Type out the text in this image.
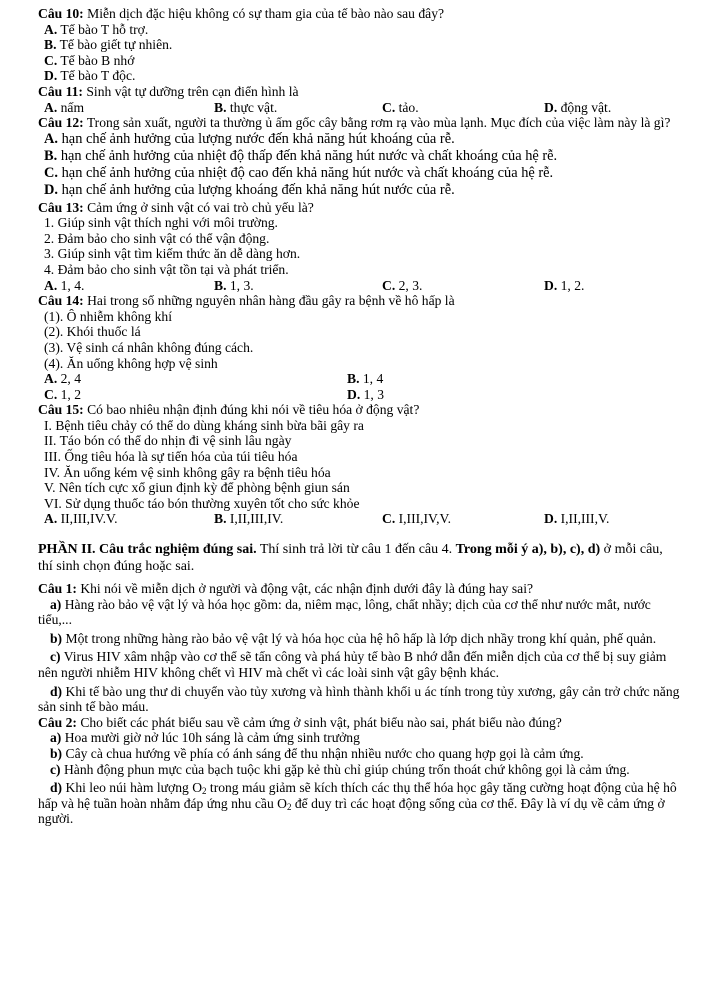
Câu 10: Miễn dịch đặc hiệu không có sự tham gia của tế bào nào sau đây?
A. Tế bào T hỗ trợ.
B. Tế bào giết tự nhiên.
C. Tế bào B nhớ
D. Tế bào T độc.
Câu 11: Sinh vật tự dưỡng trên cạn điển hình là
A. nấm	B. thực vật.	C. tảo.	D. động vật.
Câu 12: Trong sản xuất, người ta thường ủ ấm gốc cây bằng rơm rạ vào mùa lạnh. Mục đích của việc làm này là gì?
A. hạn chế ảnh hưởng của lượng nước đến khả năng hút khoáng của rễ.
B. hạn chế ảnh hưởng của nhiệt độ thấp đến khả năng hút nước và chất khoáng của hệ rễ.
C. hạn chế ảnh hưởng của nhiệt độ cao đến khả năng hút nước và chất khoáng của hệ rễ.
D. hạn chế ảnh hưởng của lượng khoáng đến khả năng hút nước của rễ.
Câu 13: Cảm ứng ở sinh vật có vai trò chủ yếu là?
1. Giúp sinh vật thích nghi với môi trường.
2. Đảm bảo cho sinh vật có thể vận động.
3. Giúp sinh vật tìm kiếm thức ăn dễ dàng hơn.
4. Đảm bảo cho sinh vật tồn tại và phát triển.
A. 1, 4.	B. 1, 3.	C. 2, 3.	D. 1, 2.
Câu 14: Hai trong số những nguyên nhân hàng đầu gây ra bệnh về hô hấp là
(1). Ô nhiễm không khí
(2). Khói thuốc lá
(3). Vệ sinh cá nhân không đúng cách.
(4). Ăn uống không hợp vệ sinh
A. 2, 4	B. 1, 4
C. 1, 2	D. 1, 3
Câu 15: Có bao nhiêu nhận định đúng khi nói về tiêu hóa ở động vật?
I. Bệnh tiêu chảy có thể do dùng kháng sinh bừa bãi gây ra
II. Táo bón có thể do nhịn đi vệ sinh lâu ngày
III. Ống tiêu hóa là sự tiến hóa của túi tiêu hóa
IV. Ăn uống kém vệ sinh không gây ra bệnh tiêu hóa
V. Nên tích cực xổ giun định kỳ để phòng bệnh giun sán
VI. Sử dụng thuốc táo bón thường xuyên tốt cho sức khỏe
A. II,III,IV.V.	B. I,II,III,IV.	C. I,III,IV,V.	D. I,II,III,V.
PHẦN II. Câu trắc nghiệm đúng sai. Thí sinh trả lời từ câu 1 đến câu 4. Trong mỗi ý a), b), c), d) ở mỗi câu, thí sinh chọn đúng hoặc sai.
Câu 1: Khi nói về miễn dịch ở người và động vật, các nhận định dưới đây là đúng hay sai?
a) Hàng rào bảo vệ vật lý và hóa học gồm: da, niêm mạc, lông, chất nhầy; dịch của cơ thể như nước mắt, nước tiểu,...
b) Một trong những hàng rào bảo vệ vật lý và hóa học của hệ hô hấp là lớp dịch nhầy trong khí quản, phế quản.
c) Virus HIV xâm nhập vào cơ thể sẽ tấn công và phá hủy tế bào B nhớ dẫn đến miễn dịch của cơ thể bị suy giảm nên người nhiễm HIV không chết vì HIV mà chết vì các loài sinh vật gây bệnh khác.
d) Khi tế bào ung thư di chuyển vào tủy xương và hình thành khối u ác tính trong tủy xương, gây cản trở chức năng sản sinh tế bào máu.
Câu 2: Cho biết các phát biểu sau về cảm ứng ở sinh vật, phát biểu nào sai, phát biểu nào đúng?
a) Hoa mười giờ nở lúc 10h sáng là cảm ứng sinh trưởng
b) Cây cà chua hướng về phía có ánh sáng để thu nhận nhiều nước cho quang hợp gọi là cảm ứng.
c) Hành động phun mực của bạch tuộc khi gặp kẻ thù chỉ giúp chúng trốn thoát chứ không gọi là cảm ứng.
d) Khi leo núi hàm lượng $O_2$ trong máu giảm sẽ kích thích các thụ thể hóa học gây tăng cường hoạt động của hệ hô hấp và hệ tuần hoàn nhằm đáp ứng nhu cầu $O_2$ để duy trì các hoạt động sống của cơ thể. Đây là ví dụ về cảm ứng ở người.
